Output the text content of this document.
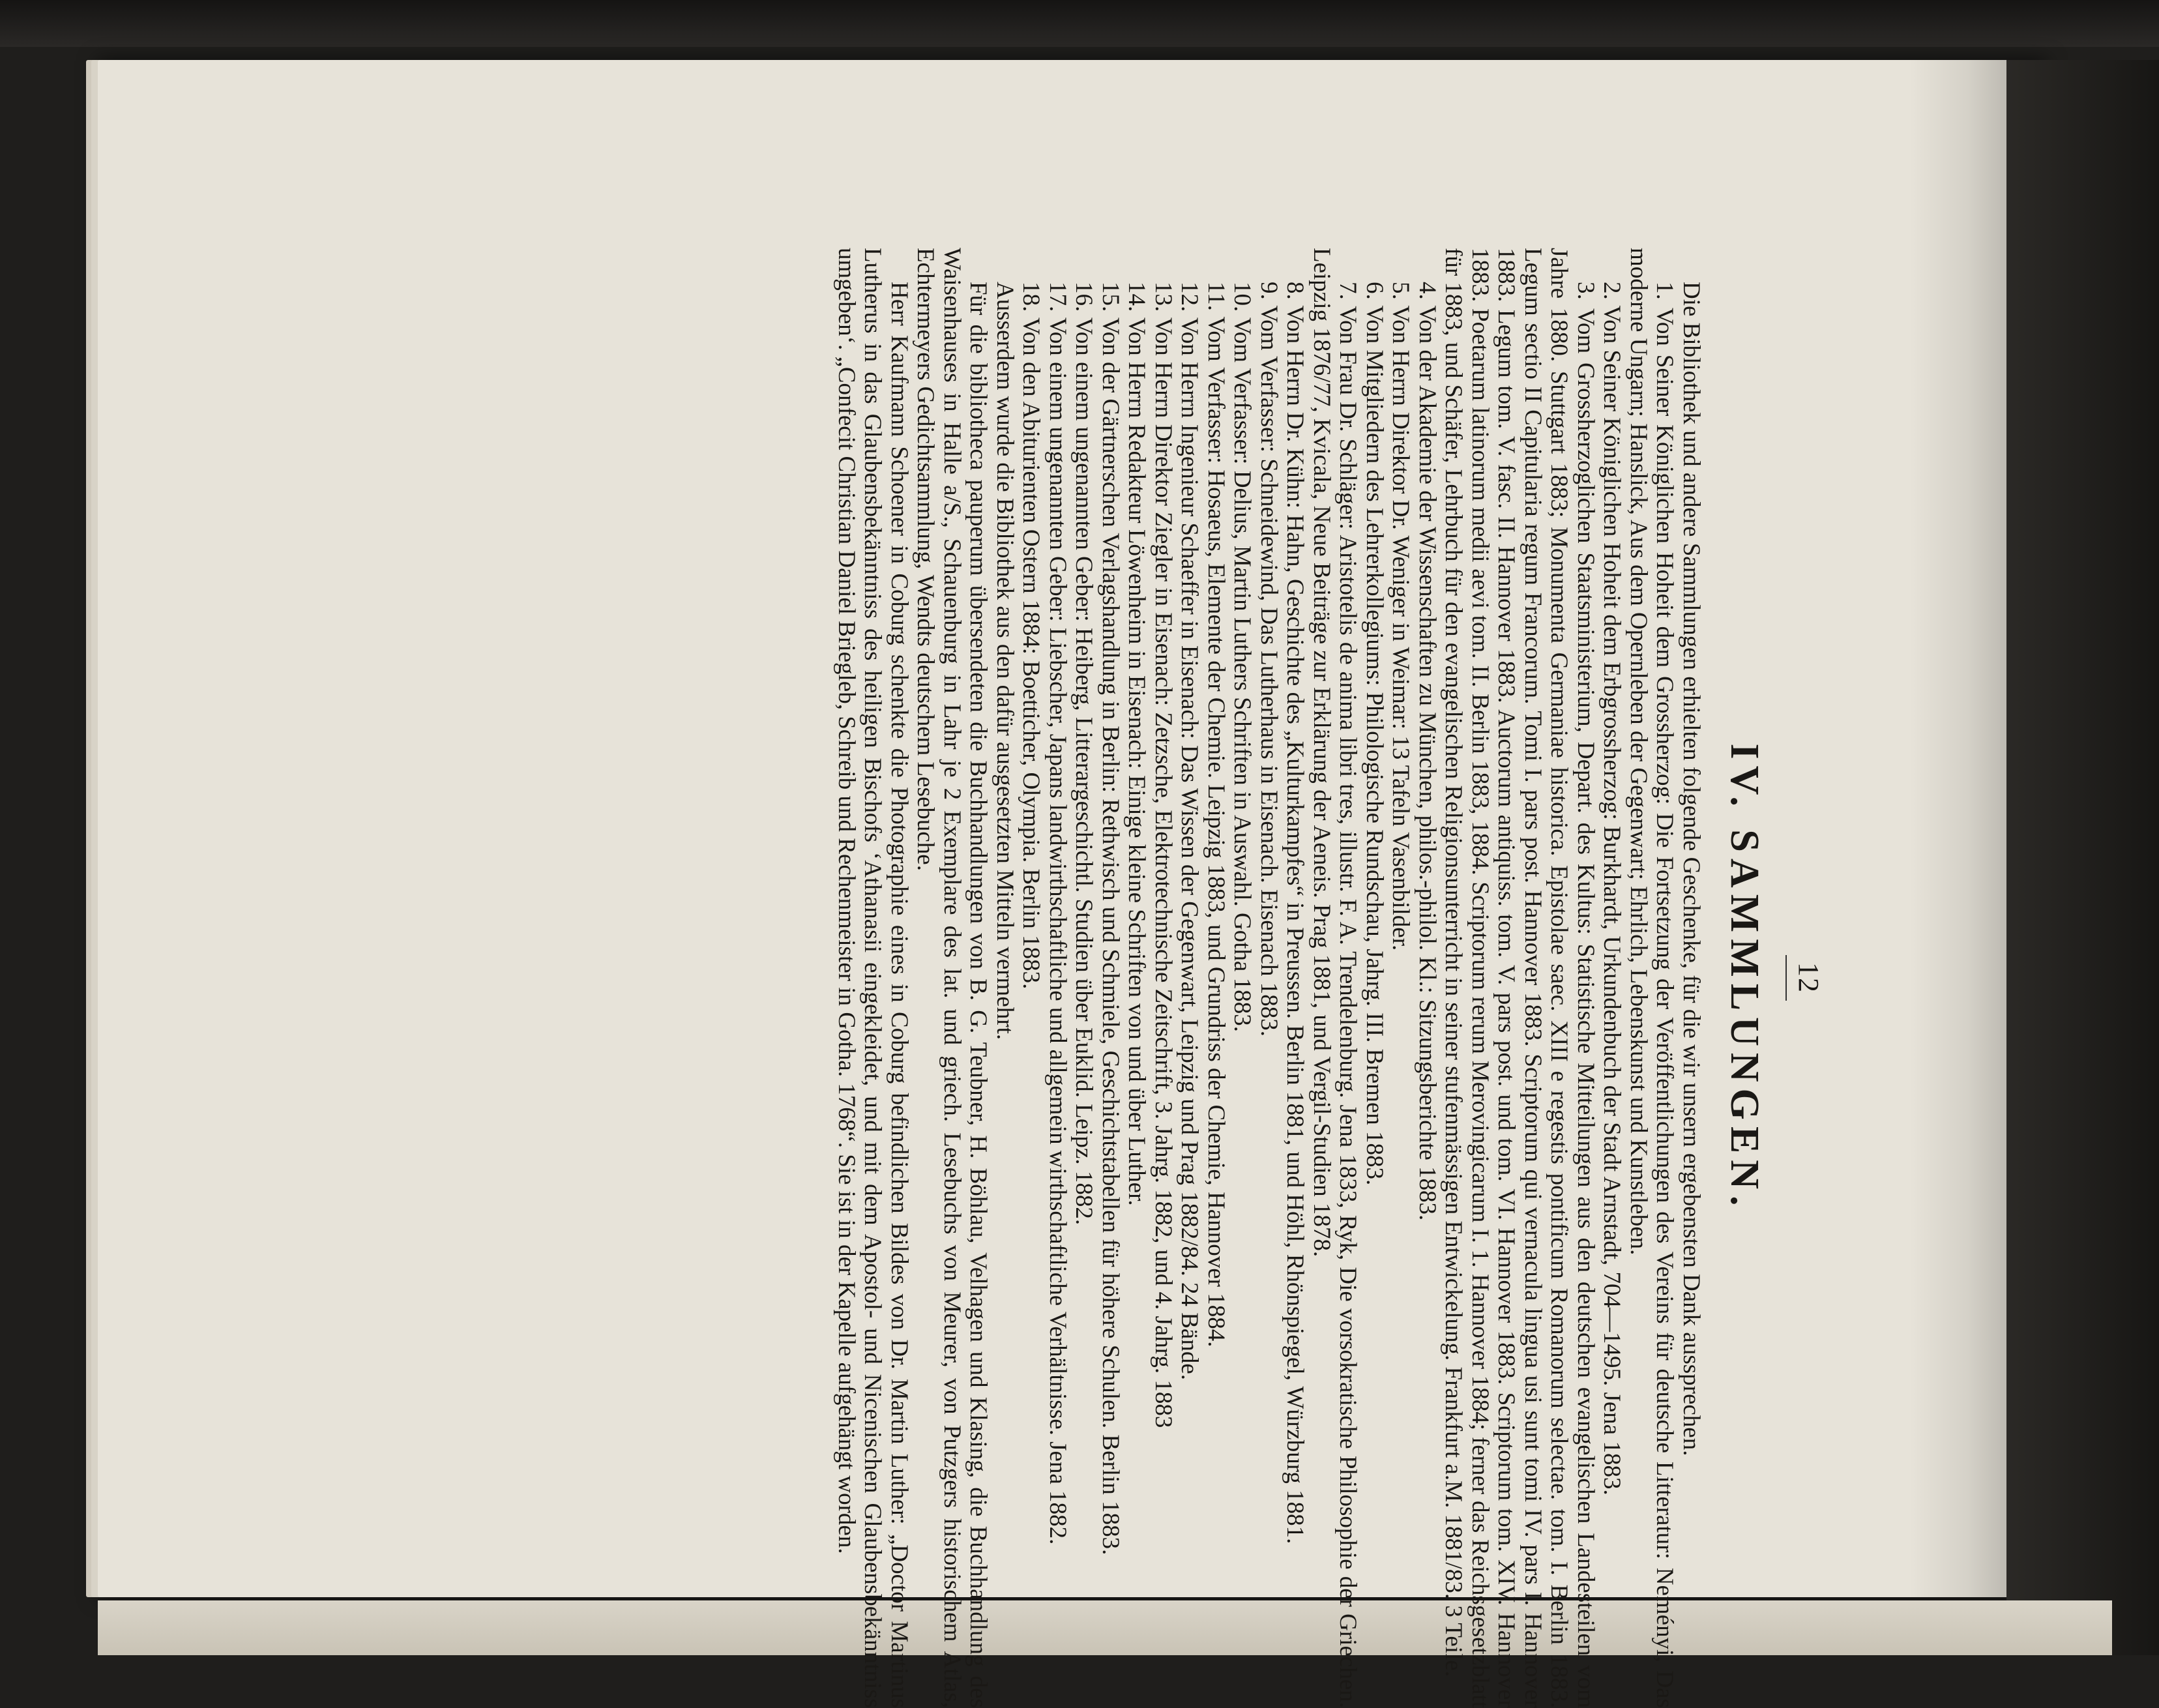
12
IV. SAMMLUNGEN.

Die Bibliothek und andere Sammlungen erhielten folgende Geschenke, für die wir unsern ergebensten Dank aussprechen.

1. Von Seiner Königlichen Hoheit dem Grossherzog: Die Fortsetzung der Veröffentlichungen des Vereins für deutsche Litteratur: Neményi, Das moderne Ungarn; Hanslick, Aus dem Opernleben der Gegenwart; Ehrlich, Lebenskunst und Kunstleben.

2. Von Seiner Königlichen Hoheit dem Erbgrossherzog: Burkhardt, Urkundenbuch der Stadt Arnstadt, 704—1495. Jena 1883.

3. Vom Grossherzoglichen Staatsministerium, Depart. des Kultus: Statistische Mitteilungen aus den deutschen evangelischen Landesteilen vom Jahre 1880. Stuttgart 1883; Monumenta Germaniae historica. Epistolae saec. XIII e regestis pontificum Romanorum selectae. tom. I. Berlin 1883. Legum sectio II Capitularia regum Francorum. Tomi I. pars post. Hannover 1883. Scriptorum qui vernacula lingua usi sunt tomi IV. pars I. Hannover 1883. Legum tom. V. fasc. II. Hannover 1883. Auctorum antiquiss. tom. V. pars post. und tom. VI. Hannover 1883. Scriptorum tom. XIV. Hannover 1883. Poetarum latinorum medii aevi tom. II. Berlin 1883, 1884. Scriptorum rerum Merovingicarum I. 1. Hannover 1884; ferner das Reichsgesetzblatt für 1883, und Schäfer, Lehrbuch für den evangelischen Religionsunterricht in seiner stufenmässigen Entwickelung. Frankfurt a.M. 1881/83. 3 Teile.

4. Von der Akademie der Wissenschaften zu München, philos.-philol. Kl.: Sitzungsberichte 1883.

5. Von Herrn Direktor Dr. Weniger in Weimar: 13 Tafeln Vasenbilder.

6. Von Mitgliedern des Lehrerkollegiums: Philologische Rundschau, Jahrg. III. Bremen 1883.

7. Von Frau Dr. Schläger: Aristotelis de anima libri tres, illustr. F. A. Trendelenburg. Jena 1833, Ryk, Die vorsokratische Philosophie der Griechen. Leipzig 1876/77, Kvicala, Neue Beiträge zur Erklärung der Aeneis. Prag 1881, und Vergil-Studien 1878.

8. Von Herrn Dr. Kühn: Hahn, Geschichte des „Kulturkampfes“ in Preussen. Berlin 1881, und Höhl, Rhönspiegel, Würzburg 1881.

9. Vom Verfasser: Schneidewind, Das Lutherhaus in Eisenach. Eisenach 1883.

10. Vom Verfasser: Delius, Martin Luthers Schriften in Auswahl. Gotha 1883.

11. Vom Verfasser: Hosaeus, Elemente der Chemie. Leipzig 1883, und Grundriss der Chemie, Hannover 1884.

12. Von Herrn Ingenieur Schaeffer in Eisenach: Das Wissen der Gegenwart, Leipzig und Prag 1882/84. 24 Bände.

13. Von Herrn Direktor Ziegler in Eisenach: Zetzsche, Elektrotechnische Zeitschrift, 3. Jahrg. 1882, und 4. Jahrg. 1883

14. Von Herrn Redakteur Löwenheim in Eisenach: Einige kleine Schriften von und über Luther.

15. Von der Gärtnerschen Verlagshandlung in Berlin: Rethwisch und Schmiele, Geschichtstabellen für höhere Schulen. Berlin 1883.

16. Von einem ungenannten Geber: Heiberg, Litterargeschichtl. Studien über Euklid. Leipz. 1882.

17. Von einem ungenannten Geber: Liebscher, Japans landwirthschaftliche und allgemein wirthschaftliche Verhältnisse. Jena 1882.

18. Von den Abiturienten Ostern 1884: Boetticher, Olympia. Berlin 1883.

Ausserdem wurde die Bibliothek aus den dafür ausgesetzten Mitteln vermehrt.

Für die bibliotheca pauperum übersendeten die Buchhandlungen von B. G. Teubner, H. Böhlau, Velhagen und Klasing, die Buchhandlung des Waisenhauses in Halle a/S., Schauenburg in Lahr je 2 Exemplare des lat. und griech. Lesebuchs von Meurer, von Putzgers historischem Atlas, Echtermeyers Gedichtsammlung, Wendts deutschem Lesebuche.

Herr Kaufmann Schoener in Coburg schenkte die Photographie eines in Coburg befindlichen Bildes von Dr. Martin Luther: „Doctor Martinus Lutherus in das Glaubensbekänntniss des heiligen Bischofs ‘Athanasii eingekleidet, und mit dem Apostol- und Nicenischen Glaubensbekänntniss umgeben‘. „Confecit Christian Daniel Briegleb, Schreib und Rechenmeister in Gotha. 1768“. Sie ist in der Kapelle aufgehängt worden.
